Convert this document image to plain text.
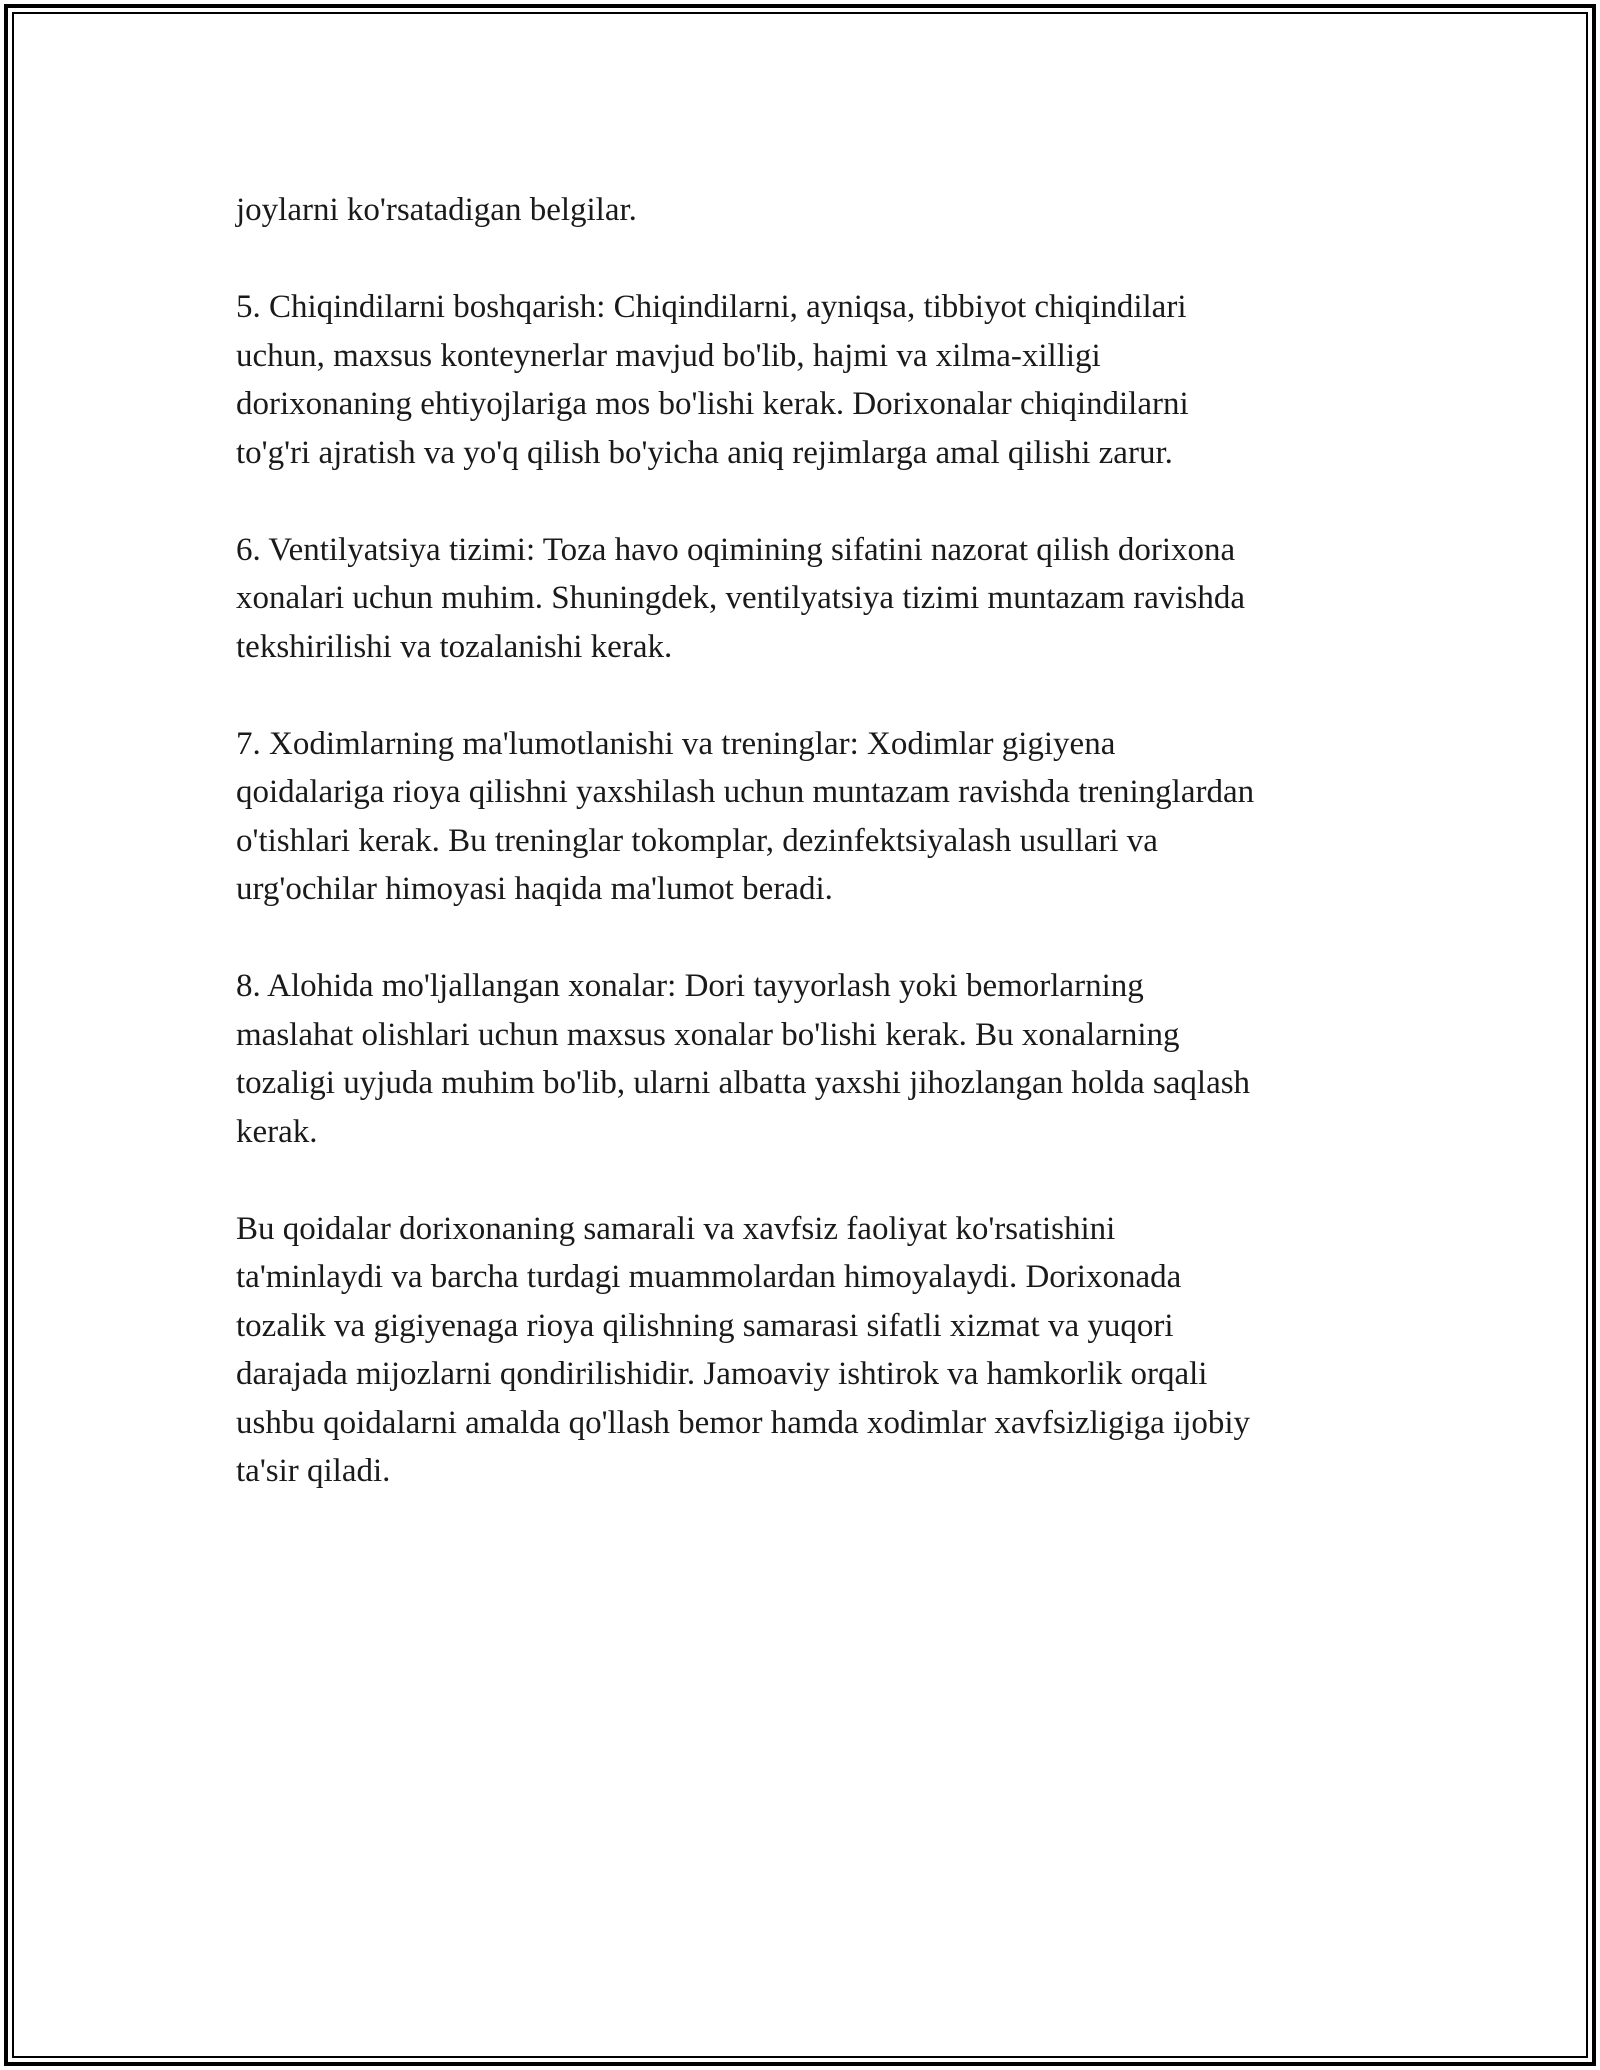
joylarni ko'rsatadigan belgilar.
5. Chiqindilarni boshqarish: Chiqindilarni, ayniqsa, tibbiyot chiqindilari
uchun, maxsus konteynerlar mavjud bo'lib, hajmi va xilma-xilligi
dorixonaning ehtiyojlariga mos bo'lishi kerak. Dorixonalar chiqindilarni
to'g'ri ajratish va yo'q qilish bo'yicha aniq rejimlarga amal qilishi zarur.
6. Ventilyatsiya tizimi: Toza havo oqimining sifatini nazorat qilish dorixona
xonalari uchun muhim. Shuningdek, ventilyatsiya tizimi muntazam ravishda
tekshirilishi va tozalanishi kerak.
7. Xodimlarning ma'lumotlanishi va treninglar: Xodimlar gigiyena
qoidalariga rioya qilishni yaxshilash uchun muntazam ravishda treninglardan
o'tishlari kerak. Bu treninglar tokomplar, dezinfektsiyalash usullari va
urg'ochilar himoyasi haqida ma'lumot beradi.
8. Alohida mo'ljallangan xonalar: Dori tayyorlash yoki bemorlarning
maslahat olishlari uchun maxsus xonalar bo'lishi kerak. Bu xonalarning
tozaligi uyjuda muhim bo'lib, ularni albatta yaxshi jihozlangan holda saqlash
kerak.
Bu qoidalar dorixonaning samarali va xavfsiz faoliyat ko'rsatishini
ta'minlaydi va barcha turdagi muammolardan himoyalaydi. Dorixonada
tozalik va gigiyenaga rioya qilishning samarasi sifatli xizmat va yuqori
darajada mijozlarni qondirilishidir. Jamoaviy ishtirok va hamkorlik orqali
ushbu qoidalarni amalda qo'llash bemor hamda xodimlar xavfsizligiga ijobiy
ta'sir qiladi.
